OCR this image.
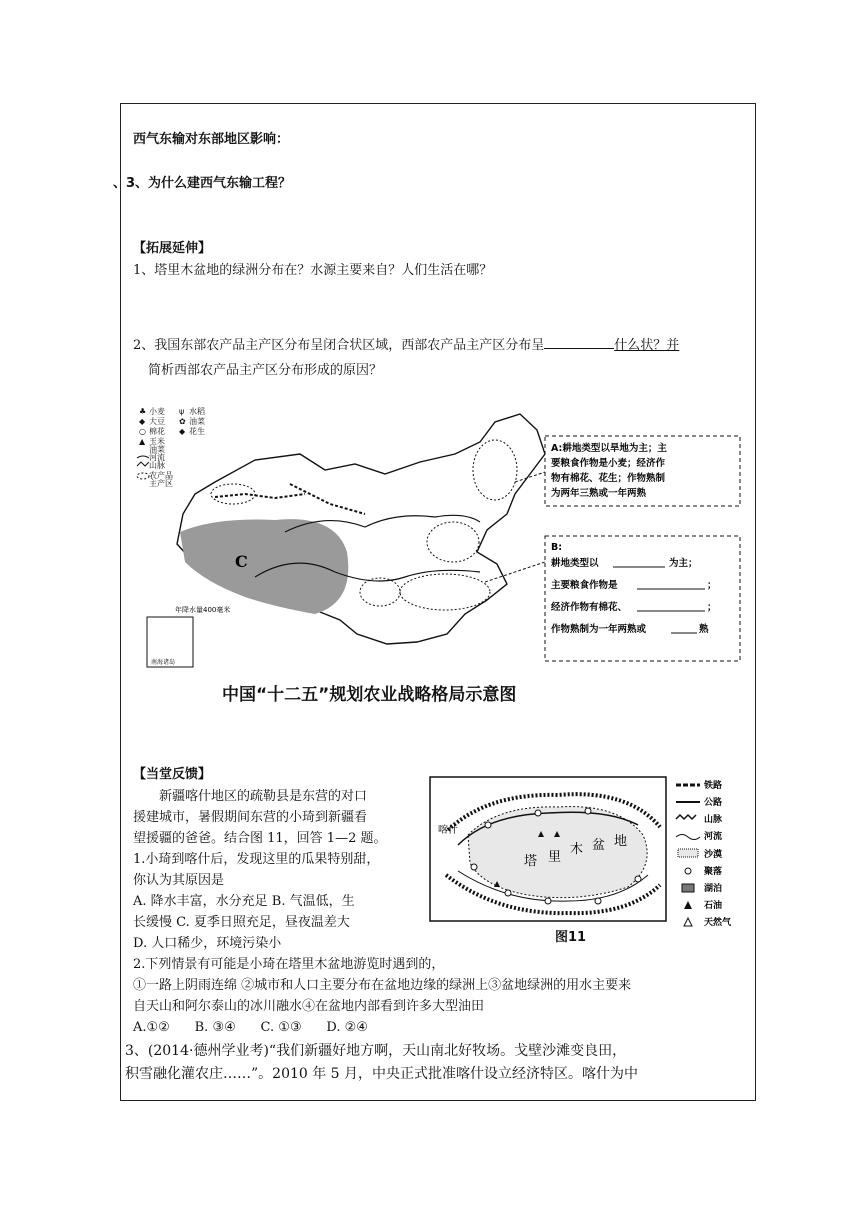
西气东输对东部地区影响：
、3、为什么建西气东输工程？
【拓展延伸】
1、塔里木盆地的绿洲分布在？水源主要来自？人们生活在哪？
2、我国东部农产品主产区分布呈闭合状区域，西部农产品主产区分布呈	什么状？并
简析西部农产品主产区分布形成的原因？
♣ 小麦 ψ 水稻
◆ 大豆 ✿ 油菜
○ 棉花 ◆ 花生
▲ 玉米
油菜
河流
山脉
农产品
主产区
C
年降水量400毫米
南海诸岛
A:耕地类型以旱地为主；主
要粮食作物是小麦；经济作
物有棉花、花生；作物熟制
为两年三熟或一年两熟
B:
耕地类型以	为主；
主要粮食作物是	；
经济作物有棉花、	；
作物熟制为一年两熟或	熟
中国“十二五”规划农业战略格局示意图
【当堂反馈】
新疆喀什地区的疏勒县是东营的对口
援建城市，暑假期间东营的小琦到新疆看
望援疆的爸爸。结合图 11，回答 1—2 题。
1.小琦到喀什后，发现这里的瓜果特别甜，
你认为其原因是
A. 降水丰富，水分充足 B. 气温低，生
长缓慢 C. 夏季日照充足，昼夜温差大
D. 人口稀少，环境污染小
2.下列情景有可能是小琦在塔里木盆地游览时遇到的，
①一路上阴雨连绵 ②城市和人口主要分布在盆地边缘的绿洲上③盆地绿洲的用水主要来
自天山和阿尔泰山的冰川融水④在盆地内部看到许多大型油田
A.①②      B. ③④      C. ①③      D. ②④
3、(2014·德州学业考)“我们新疆好地方啊，天山南北好牧场。戈壁沙滩变良田，
积雪融化灌农庄……”。2010 年 5 月，中央正式批准喀什设立经济特区。喀什为中
塔 里
木 盆 地
喀什
铁路
公路
山脉
河流
沙漠
聚落
湖泊
石油
天然气
图11
